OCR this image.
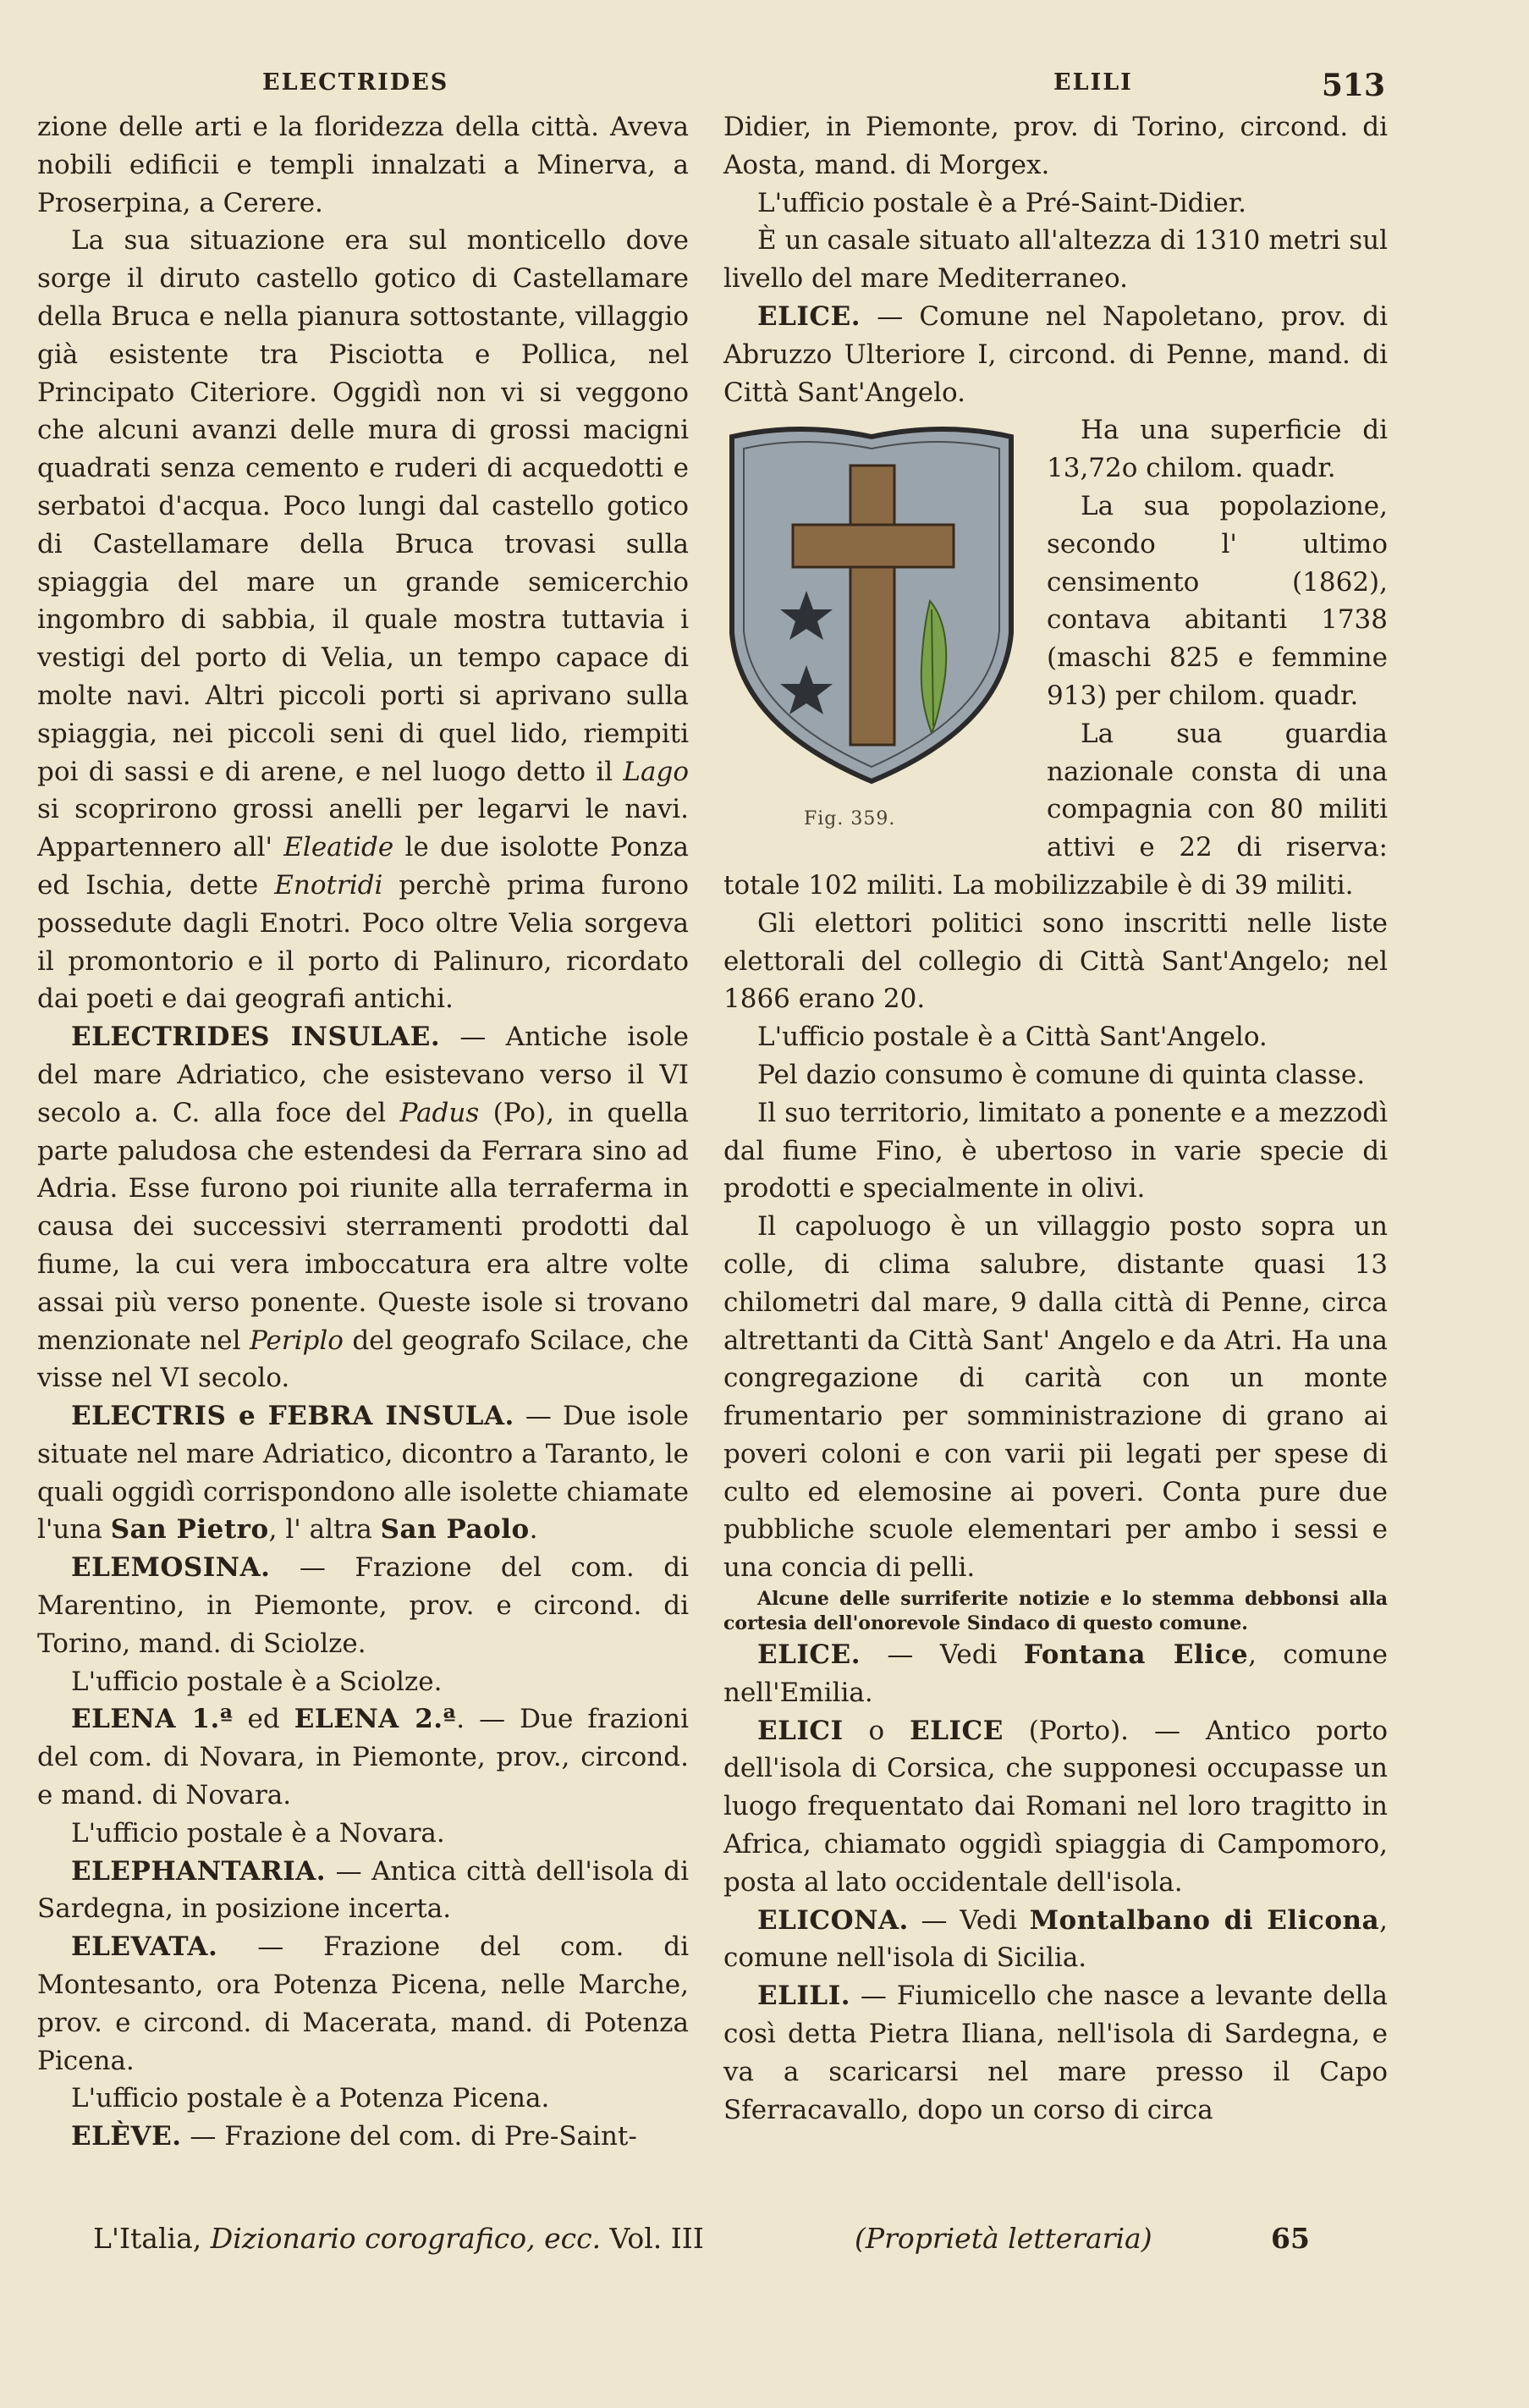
ELECTRIDES	ELILI	513

zione delle arti e la floridezza della città. Aveva nobili edificii e templi innalzati a Minerva, a Proserpina, a Cerere.

La sua situazione era sul monticello dove sorge il diruto castello gotico di Castellamare della Bruca e nella pianura sottostante, villaggio già esistente tra Pisciotta e Pollica, nel Principato Citeriore. Oggidì non vi si veggono che alcuni avanzi delle mura di grossi macigni quadrati senza cemento e ruderi di acquedotti e serbatoi d'acqua. Poco lungi dal castello gotico di Castellamare della Bruca trovasi sulla spiaggia del mare un grande semicerchio ingombro di sabbia, il quale mostra tuttavia i vestigi del porto di Velia, un tempo capace di molte navi. Altri piccoli porti si aprivano sulla spiaggia, nei piccoli seni di quel lido, riempiti poi di sassi e di arene, e nel luogo detto il Lago si scoprirono grossi anelli per legarvi le navi. Appartennero all' Eleatide le due isolotte Ponza ed Ischia, dette Enotridi perchè prima furono possedute dagli Enotri. Poco oltre Velia sorgeva il promontorio e il porto di Palinuro, ricordato dai poeti e dai geografi antichi.

ELECTRIDES INSULAE. — Antiche isole del mare Adriatico, che esistevano verso il VI secolo a. C. alla foce del Padus (Po), in quella parte paludosa che estendesi da Ferrara sino ad Adria. Esse furono poi riunite alla terraferma in causa dei successivi sterramenti prodotti dal fiume, la cui vera imboccatura era altre volte assai più verso ponente. Queste isole si trovano menzionate nel Periplo del geografo Scilace, che visse nel VI secolo.

ELECTRIS e FEBRA INSULA. — Due isole situate nel mare Adriatico, dicontro a Taranto, le quali oggidì corrispondono alle isolette chiamate l'una San Pietro, l' altra San Paolo.

ELEMOSINA. — Frazione del com. di Marentino, in Piemonte, prov. e circond. di Torino, mand. di Sciolze.

L'ufficio postale è a Sciolze.

ELENA 1.ª ed ELENA 2.ª. — Due frazioni del com. di Novara, in Piemonte, prov., circond. e mand. di Novara.

L'ufficio postale è a Novara.

ELEPHANTARIA. — Antica città dell'isola di Sardegna, in posizione incerta.

ELEVATA. — Frazione del com. di Montesanto, ora Potenza Picena, nelle Marche, prov. e circond. di Macerata, mand. di Potenza Picena.

L'ufficio postale è a Potenza Picena.

ELÈVE. — Frazione del com. di Pre-Saint-

Didier, in Piemonte, prov. di Torino, circond. di Aosta, mand. di Morgex.

L'ufficio postale è a Pré-Saint-Didier.

È un casale situato all'altezza di 1310 metri sul livello del mare Mediterraneo.

ELICE. — Comune nel Napoletano, prov. di Abruzzo Ulteriore I, circond. di Penne, mand. di Città Sant'Angelo.

Fig. 359.

Ha una superficie di 13,72o chilom. quadr.

La sua popolazione, secondo l' ultimo censimento (1862), contava abitanti 1738 (maschi 825 e femmine 913) per chilom. quadr.

La sua guardia nazionale consta di una compagnia con 80 militi attivi e 22 di riserva: totale 102 militi. La mobilizzabile è di 39 militi.

Gli elettori politici sono inscritti nelle liste elettorali del collegio di Città Sant'Angelo; nel 1866 erano 20.

L'ufficio postale è a Città Sant'Angelo.

Pel dazio consumo è comune di quinta classe.

Il suo territorio, limitato a ponente e a mezzodì dal fiume Fino, è ubertoso in varie specie di prodotti e specialmente in olivi.

Il capoluogo è un villaggio posto sopra un colle, di clima salubre, distante quasi 13 chilometri dal mare, 9 dalla città di Penne, circa altrettanti da Città Sant' Angelo e da Atri. Ha una congregazione di carità con un monte frumentario per somministrazione di grano ai poveri coloni e con varii pii legati per spese di culto ed elemosine ai poveri. Conta pure due pubbliche scuole elementari per ambo i sessi e una concia di pelli.

Alcune delle surriferite notizie e lo stemma debbonsi alla cortesia dell'onorevole Sindaco di questo comune.

ELICE. — Vedi Fontana Elice, comune nell'Emilia.

ELICI o ELICE (Porto). — Antico porto dell'isola di Corsica, che supponesi occupasse un luogo frequentato dai Romani nel loro tragitto in Africa, chiamato oggidì spiaggia di Campomoro, posta al lato occidentale dell'isola.

ELICONA. — Vedi Montalbano di Elicona, comune nell'isola di Sicilia.

ELILI. — Fiumicello che nasce a levante della così detta Pietra Iliana, nell'isola di Sardegna, e va a scaricarsi nel mare presso il Capo Sferracavallo, dopo un corso di circa

L'Italia, Dizionario corografico, ecc. Vol. III	(Proprietà letteraria)	65
